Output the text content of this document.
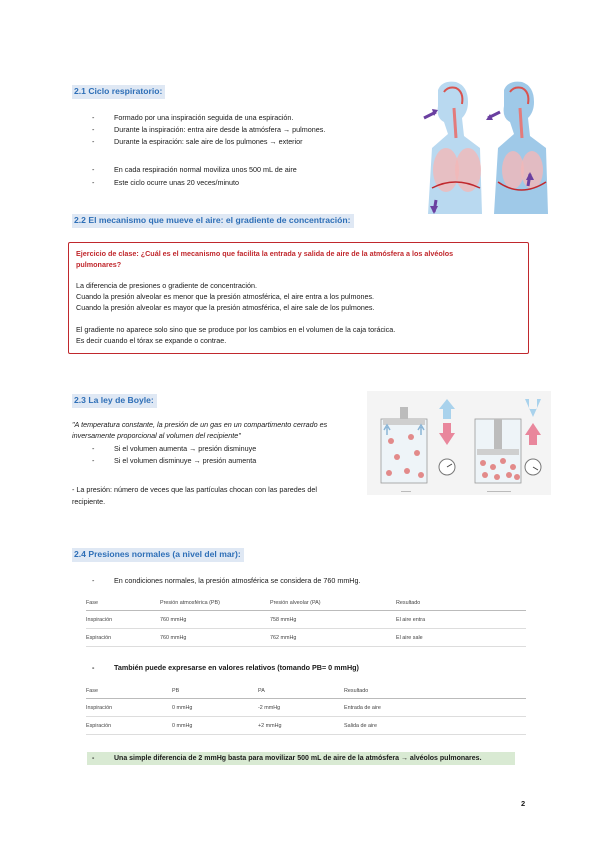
2.1 Ciclo respiratorio:
-	Formado por una inspiración seguida de una espiración.
-	Durante la inspiración: entra aire desde la atmósfera → pulmones.
-	Durante la espiración: sale aire de los pulmones → exterior
-	En cada respiración normal moviliza unos 500 mL de aire
-	Este ciclo ocurre unas 20 veces/minuto
2.2 El mecanismo que mueve el aire: el gradiente de concentración:
Ejercicio de clase: ¿Cuál es el mecanismo que facilita la entrada y salida de aire de la atmósfera a los alvéolos
pulmonares?
La diferencia de presiones o gradiente de concentración.
Cuando la presión alveolar es menor que la presión atmosférica, el aire entra a los pulmones.
Cuando la presión alveolar es mayor que la presión atmosférica, el aire sale de los pulmones.
El gradiente no aparece solo sino que se produce por los cambios en el volumen de la caja torácica.
Es decir cuando el tórax se expande o contrae.
2.3 La ley de Boyle:
"A temperatura constante, la presión de un gas en un compartimento cerrado es
inversamente proporcional al volumen del recipiente"
-	Si el volumen aumenta → presión disminuye
-	Si el volumen disminuye → presión aumenta
- La presión: número de veces que las partículas chocan con las paredes del
recipiente.
2.4 Presiones normales (a nivel del mar):
-	En condiciones normales, la presión atmosférica se considera de 760 mmHg.
Fase	Presión atmosférica (PB)	Presión alveolar (PA)	Resultado
Inspiración	760 mmHg	758 mmHg	El aire entra
Espiración	760 mmHg	762 mmHg	El aire sale
-	También puede expresarse en valores relativos (tomando PB= 0 mmHg)
Fase	PB	PA	Resultado
Inspiración	0 mmHg	-2 mmHg	Entrada de aire
Espiración	0 mmHg	+2 mmHg	Salida de aire
-	Una simple diferencia de 2 mmHg basta para movilizar 500 mL de aire de la atmósfera → alvéolos pulmonares.
2
